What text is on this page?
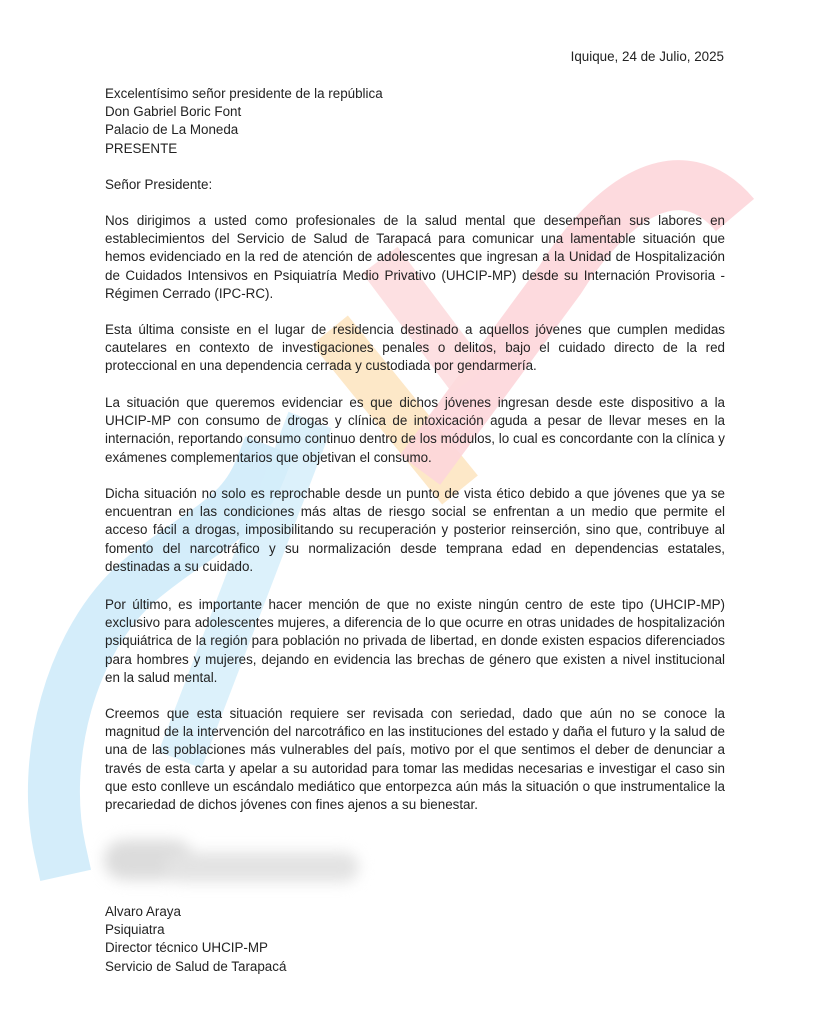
Iquique, 24 de Julio, 2025
Excelentísimo señor presidente de la república
Don Gabriel Boric Font
Palacio de La Moneda
PRESENTE
Señor Presidente:
Nos dirigimos a usted como profesionales de la salud mental que desempeñan sus labores en establecimientos del Servicio de Salud de Tarapacá para comunicar una lamentable situación que hemos evidenciado en la red de atención de adolescentes que ingresan a la Unidad de Hospitalización de Cuidados Intensivos en Psiquiatría Medio Privativo (UHCIP-MP) desde su Internación Provisoria - Régimen Cerrado (IPC-RC).
Esta última consiste en el lugar de residencia destinado a aquellos jóvenes que cumplen medidas cautelares en contexto de investigaciones penales o delitos, bajo el cuidado directo de la red proteccional en una dependencia cerrada y custodiada por gendarmería.
La situación que queremos evidenciar es que dichos jóvenes ingresan desde este dispositivo a la UHCIP-MP con consumo de drogas y clínica de intoxicación aguda a pesar de llevar meses en la internación, reportando consumo continuo dentro de los módulos, lo cual es concordante con la clínica y exámenes complementarios que objetivan el consumo.
Dicha situación no solo es reprochable desde un punto de vista ético debido a que jóvenes que ya se encuentran en las condiciones más altas de riesgo social se enfrentan a un medio que permite el acceso fácil a drogas, imposibilitando su recuperación y posterior reinserción, sino que, contribuye al fomento del narcotráfico y su normalización desde temprana edad en dependencias estatales, destinadas a su cuidado.
Por último, es importante hacer mención de que no existe ningún centro de este tipo (UHCIP-MP) exclusivo para adolescentes mujeres, a diferencia de lo que ocurre en otras unidades de hospitalización psiquiátrica de la región para población no privada de libertad, en donde existen espacios diferenciados para hombres y mujeres, dejando en evidencia las brechas de género que existen a nivel institucional en la salud mental.
Creemos que esta situación requiere ser revisada con seriedad, dado que aún no se conoce la magnitud de la intervención del narcotráfico en las instituciones del estado y daña el futuro y la salud de una de las poblaciones más vulnerables del país, motivo por el que sentimos el deber de denunciar a través de esta carta y apelar a su autoridad para tomar las medidas necesarias e investigar el caso sin que esto conlleve un escándalo mediático que entorpezca aún más la situación o que instrumentalice la precariedad de dichos jóvenes con fines ajenos a su bienestar.
Alvaro Araya
Psiquiatra
Director técnico UHCIP-MP
Servicio de Salud de Tarapacá
